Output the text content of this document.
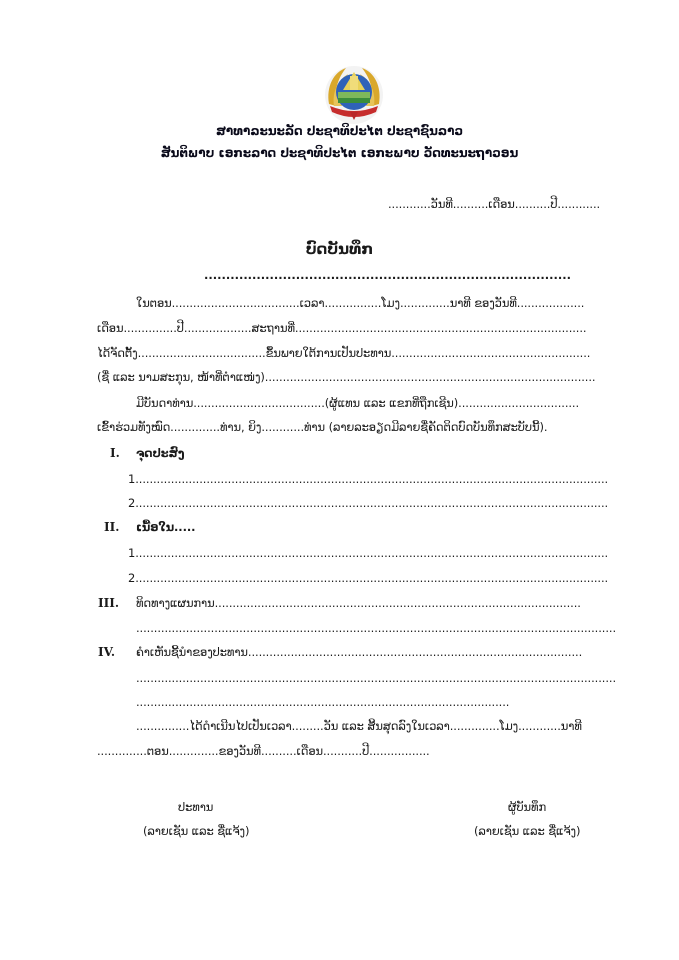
ສາທາລະນະລັດ ປະຊາທິປະໄຕ ປະຊາຊົນລາວ
ສັນຕິພາບ ເອກະລາດ ປະຊາທິປະໄຕ ເອກະພາບ ວັດທະນະຖາວອນ
............ວັນທີ..........ເດືອນ..........ປີ............
ບົດບັນທຶກ
....................................................................................
ໃນຕອນ....................................ເວລາ................ໂມງ..............ນາທີ ຂອງວັນທີ...................
ເດືອນ...............ປີ...................ສະຖານທີ່..................................................................................
ໄດ້ຈັດຕັ້ງ....................................ຂຶ້ນພາຍໃຕ້ການເປັນປະທານ........................................................
(ຊື່ ແລະ ນາມສະກຸນ, ໜ້າທີ່ຕໍາແໜ່ງ).............................................................................................
ມີບັນດາທ່ານ.....................................(ຜູ້ແທນ ແລະ ແຂກທີ່ຖືກເຊີນ)..................................
ເຂົ້າຮ່ວມທັງໝົດ..............ທ່ານ, ຍິງ............ທ່ານ (ລາຍລະອຽດມີລາຍຊື່ຄັດຕິດບົດບັນທຶກສະບັບນີ້).
I. ຈຸດປະສົງ
1.....................................................................................................................................
2.....................................................................................................................................
II. ເນື້ອໃນ.....
1.....................................................................................................................................
2.....................................................................................................................................
III. ທິດທາງແຜນການ.......................................................................................................
.......................................................................................................................................
IV. ຄໍາເຫັນຊີ້ນໍາຂອງປະທານ..............................................................................................
.......................................................................................................................................
.........................................................................................................
...............ໄດ້ດໍາເນີນໄປເປັນເວລາ.........ວັນ ແລະ ສິ້ນສຸດລົງໃນເວລາ..............ໂມງ............ນາທີ
..............ຕອນ..............ຂອງວັນທີ..........ເດືອນ...........ປີ.................
ປະທານ
(ລາຍເຊັນ ແລະ ຊື່ແຈ້ງ)
ຜູ້ບັນທຶກ
(ລາຍເຊັນ ແລະ ຊື່ແຈ້ງ)
